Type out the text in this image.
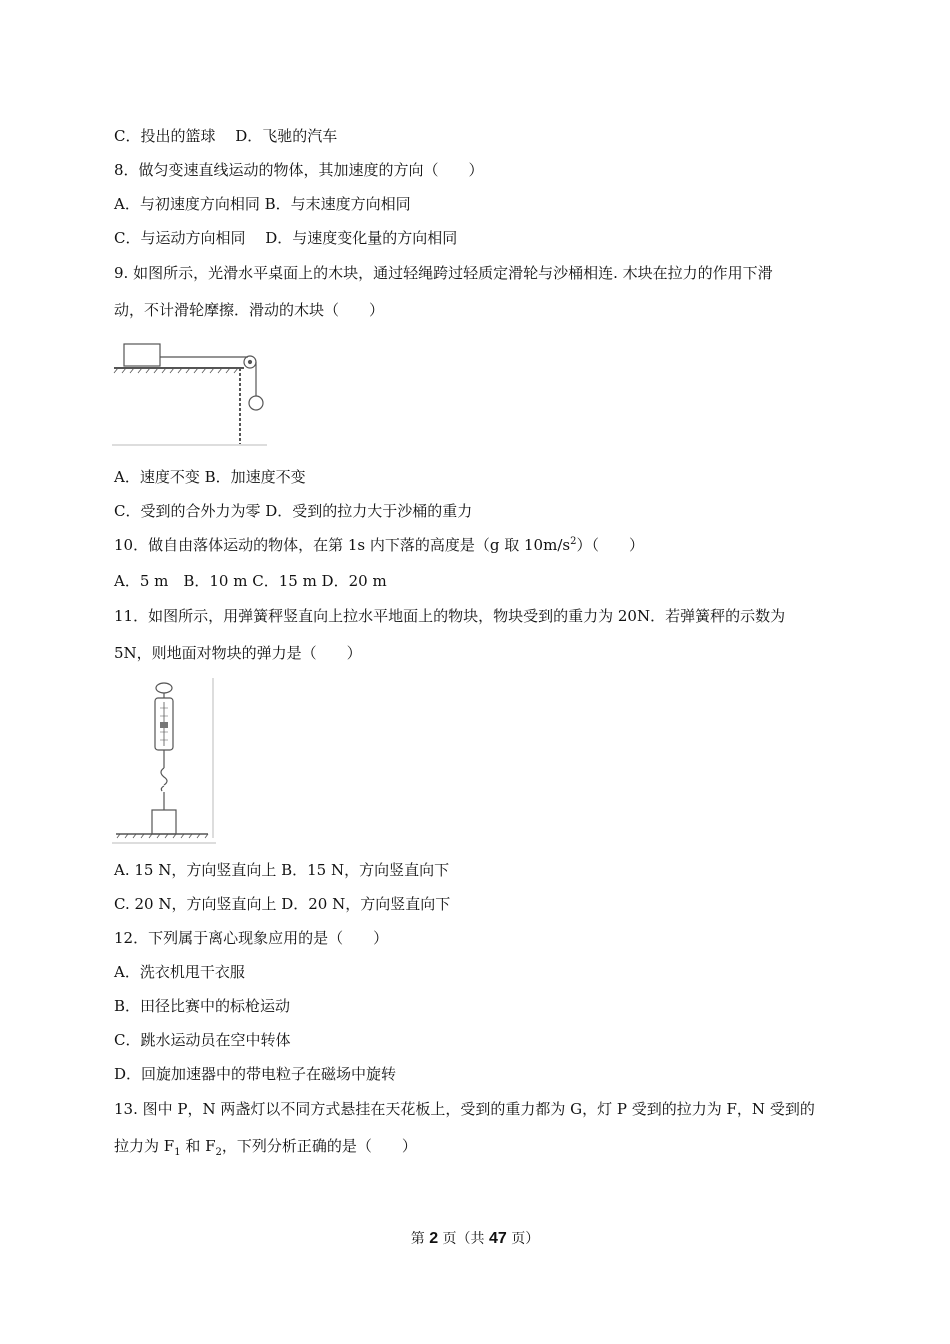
C．投出的篮球　 D．飞驰的汽车
8．做匀变速直线运动的物体，其加速度的方向（　　）
A．与初速度方向相同 B．与末速度方向相同
C．与运动方向相同　 D．与速度变化量的方向相同
9. 如图所示，光滑水平桌面上的木块，通过轻绳跨过轻质定滑轮与沙桶相连. 木块在拉力的作用下滑
动，不计滑轮摩擦．滑动的木块（　　）
A．速度不变 B．加速度不变
C．受到的合外力为零 D．受到的拉力大于沙桶的重力
10．做自由落体运动的物体，在第 1s 内下落的高度是（g 取 $10m/s^2$）（　　）
A．5 m　B．10 m C．15 m D．20 m
11．如图所示，用弹簧秤竖直向上拉水平地面上的物块，物块受到的重力为 20N．若弹簧秤的示数为
5N，则地面对物块的弹力是（　　）
A. 15 N，方向竖直向上 B．15 N，方向竖直向下
C. 20 N，方向竖直向上 D．20 N，方向竖直向下
12．下列属于离心现象应用的是（　　）
A．洗衣机甩干衣服
B．田径比赛中的标枪运动
C．跳水运动员在空中转体
D．回旋加速器中的带电粒子在磁场中旋转
13. 图中 P，N 两盏灯以不同方式悬挂在天花板上，受到的重力都为 G，灯 P 受到的拉力为 F，N 受到的
拉力为 $F_1$ 和 $F_2$，下列分析正确的是（　　）
第 2 页（共 47 页）
